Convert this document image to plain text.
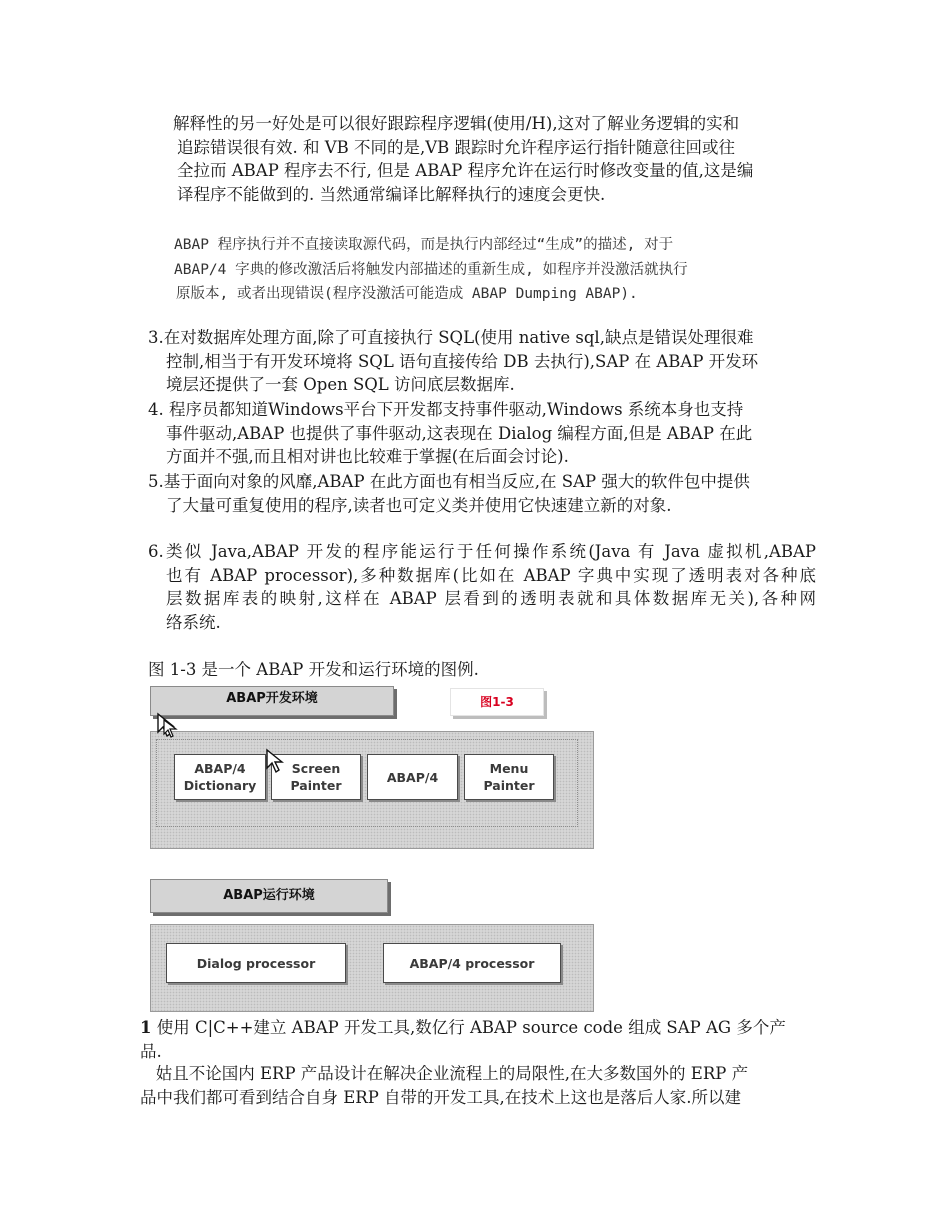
解释性的另一好处是可以很好跟踪程序逻辑(使用/H),这对了解业务逻辑的实和
追踪错误很有效. 和 VB 不同的是,VB 跟踪时允许程序运行指针随意往回或往
全拉而 ABAP 程序去不行, 但是 ABAP 程序允许在运行时修改变量的值,这是编
译程序不能做到的. 当然通常编译比解释执行的速度会更快.
ABAP 程序执行并不直接读取源代码，而是执行内部经过“生成”的描述, 对于
ABAP/4 字典的修改激活后将触发内部描述的重新生成, 如程序并没激活就执行
原版本, 或者出现错误(程序没激活可能造成 ABAP Dumping ABAP).
3.在对数据库处理方面,除了可直接执行 SQL(使用 native sql,缺点是错误处理很难
控制,相当于有开发环境将 SQL 语句直接传给 DB 去执行),SAP 在 ABAP 开发环
境层还提供了一套 Open SQL 访问底层数据库.
4. 程序员都知道Windows平台下开发都支持事件驱动,Windows 系统本身也支持
事件驱动,ABAP 也提供了事件驱动,这表现在 Dialog 编程方面,但是 ABAP 在此
方面并不强,而且相对讲也比较难于掌握(在后面会讨论).
5.基于面向对象的风靡,ABAP 在此方面也有相当反应,在 SAP 强大的软件包中提供
了大量可重复使用的程序,读者也可定义类并使用它快速建立新的对象.
6.类似 Java,ABAP 开发的程序能运行于任何操作系统(Java 有 Java 虚拟机,ABAP
也有 ABAP processor),多种数据库(比如在 ABAP 字典中实现了透明表对各种底
层数据库表的映射,这样在 ABAP 层看到的透明表就和具体数据库无关),各种网
络系统.
图 1-3 是一个 ABAP 开发和运行环境的图例.
ABAP开发环境	图1-3
ABAP/4
Dictionary
Screen
Painter
ABAP/4
Menu
Painter
ABAP运行环境
Dialog processor	ABAP/4 processor
1 使用 C|C++建立 ABAP 开发工具,数亿行 ABAP source code 组成 SAP AG 多个产
品.
姑且不论国内 ERP 产品设计在解决企业流程上的局限性,在大多数国外的 ERP 产
品中我们都可看到结合自身 ERP 自带的开发工具,在技术上这也是落后人家.所以建
